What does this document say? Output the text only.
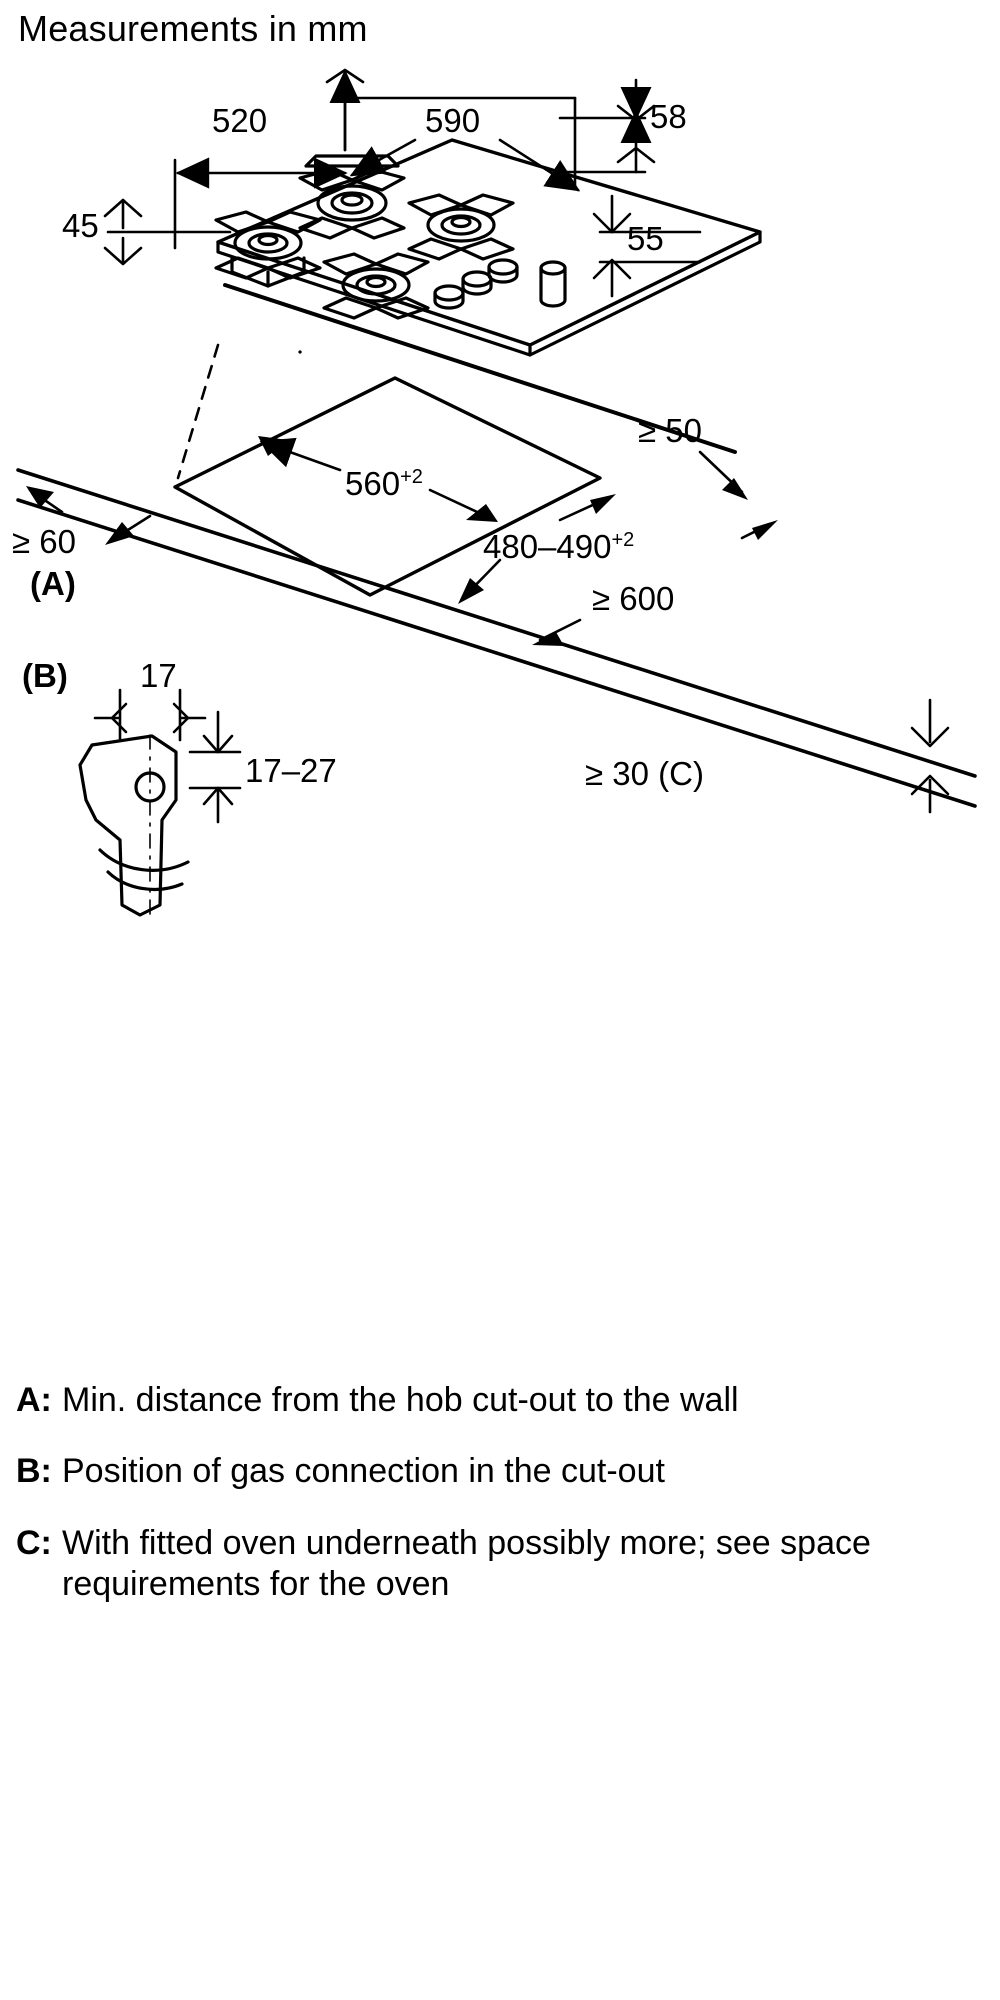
Measurements in mm
520	590	58
45	55
≥ 50
$560^{+2}$
$480-490^{+2}$
≥ 60
(A)	≥ 600
(B) 17
17–27	≥ 30 (C)
A: Min. distance from the hob cut-out to the wall
B: Position of gas connection in the cut-out
C: With fitted oven underneath possibly more; see space requirements for the oven
